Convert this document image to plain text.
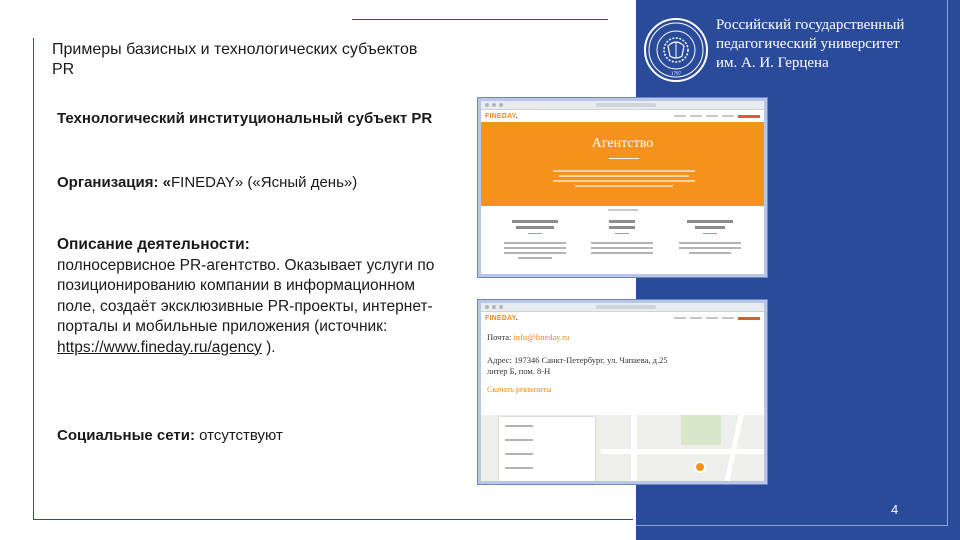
Примеры базисных и технологических субъектов PR
Технологический институциональный субъект PR
Организация: «FINEDAY» («Ясный день»)
Описание деятельности:
полносервисное PR-агентство. Оказывает услуги по позиционированию компании в информационном поле, создаёт эксклюзивные PR-проекты, интернет-порталы и мобильные приложения (источник: https://www.fineday.ru/agency ).
Социальные сети: отсутствуют
1797
Российский государственный
педагогический университет
им. А. И. Герцена
4
FINEDAY.
Агентство
FINEDAY.
Почта: info@fineday.ru
Адрес: 197346 Санкт-Петербург, ул. Чапаева, д.25
литер Б, пом. 8-Н
Скачать реквизиты
